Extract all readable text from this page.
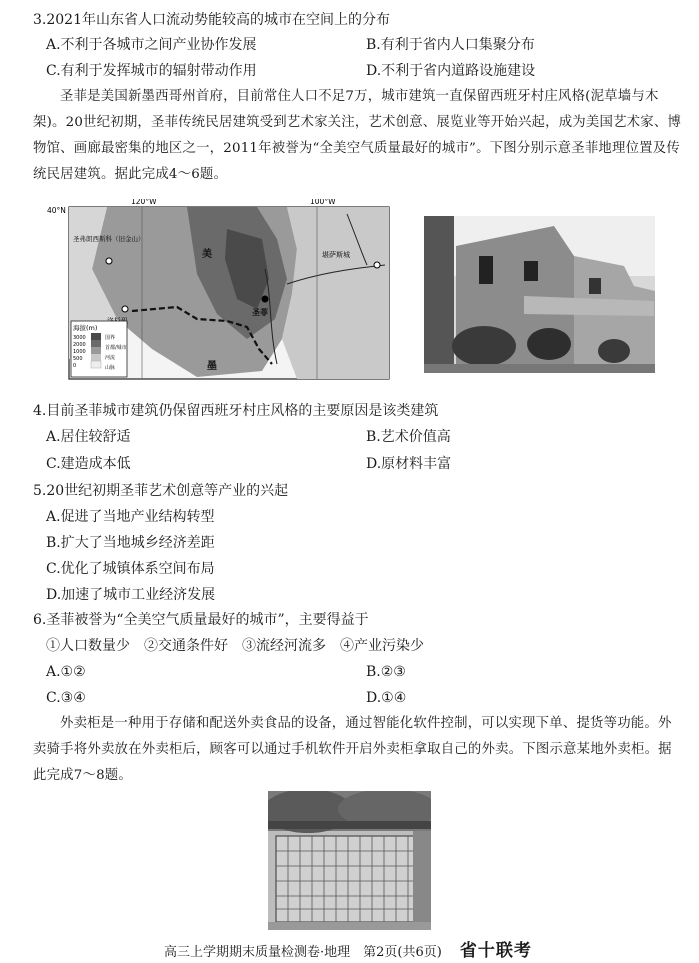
3.2021年山东省人口流动势能较高的城市在空间上的分布
A.不利于各城市之间产业协作发展	B.有利于省内人口集聚分布
C.有利于发挥城市的辐射带动作用	D.不利于省内道路设施建设
圣菲是美国新墨西哥州首府，目前常住人口不足7万，城市建筑一直保留西班牙村庄风格(泥草墙与木架)。20世纪初期，圣菲传统民居建筑受到艺术家关注，艺术创意、展览业等开始兴起，成为美国艺术家、博物馆、画廊最密集的地区之一，2011年被誉为“全美空气质量最好的城市”。下图分别示意圣菲地理位置及传统民居建筑。据此完成4～6题。
120°W	100°W
40°N
圣弗朗西斯科（旧金山）
圣菲
堪萨斯城
美
墨
海拔(m)
3000
2000
1000
500
0
国界
首都/城市
河流
山脉
4.目前圣菲城市建筑仍保留西班牙村庄风格的主要原因是该类建筑
A.居住较舒适	B.艺术价值高
C.建造成本低	D.原材料丰富
5.20世纪初期圣菲艺术创意等产业的兴起
A.促进了当地产业结构转型
B.扩大了当地城乡经济差距
C.优化了城镇体系空间布局
D.加速了城市工业经济发展
6.圣菲被誉为“全美空气质量最好的城市”，主要得益于
①人口数量少　②交通条件好　③流经河流多　④产业污染少
A.①②	B.②③
C.③④	D.①④
外卖柜是一种用于存储和配送外卖食品的设备，通过智能化软件控制，可以实现下单、提货等功能。外卖骑手将外卖放在外卖柜后，顾客可以通过手机软件开启外卖柜拿取自己的外卖。下图示意某地外卖柜。据此完成7～8题。
高三上学期期末质量检测卷·地理　第2页(共6页) 省十联考
